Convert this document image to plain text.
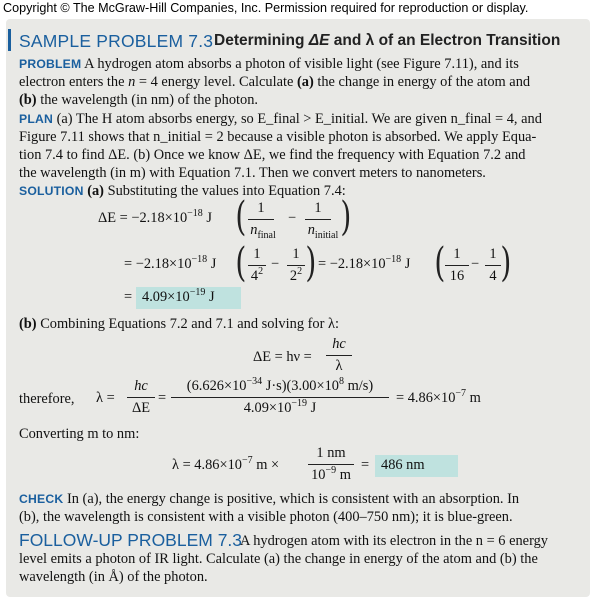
Copyright © The McGraw-Hill Companies, Inc. Permission required for reproduction or display.
SAMPLE PROBLEM 7.3 Determining ΔE and λ of an Electron Transition
PROBLEM A hydrogen atom absorbs a photon of visible light (see Figure 7.11), and its
electron enters the n = 4 energy level. Calculate (a) the change in energy of the atom and
(b) the wavelength (in nm) of the photon.
PLAN (a) The H atom absorbs energy, so E_final > E_initial. We are given n_final = 4, and
Figure 7.11 shows that n_initial = 2 because a visible photon is absorbed. We apply Equa-
tion 7.4 to find ΔE. (b) Once we know ΔE, we find the frequency with Equation 7.2 and
the wavelength (in m) with Equation 7.1. Then we convert meters to nanometers.
SOLUTION (a) Substituting the values into Equation 7.4:
$\Delta E = -2.18\times 10^{-18}$ J ( 1
$n_{final}$
−
1
$n_{initial}$ )
= $-2.18\times 10^{-18}$ J ( 1
$4^2$ −
1
$2^2$ ) = $-2.18\times 10^{-18}$ J ( 1
16
−
1
4 )
= $4.09\times 10^{-19}$ J
(b) Combining Equations 7.2 and 7.1 and solving for λ:
ΔE = hν =
hc
λ
therefore, λ =
hc
ΔE
=
($6.626\times 10^{-34}$ $J\cdot s)(3.00\times 10^8$ m/s)
$4.09\times 10^{-19}$ J
= $4.86\times 10^{-7}$ m
Converting m to nm:
$\lambda = 4.86\times 10^{-7}$ m ×
1 nm
$10^{-9}$ m
= 486 nm
CHECK In (a), the energy change is positive, which is consistent with an absorption. In
(b), the wavelength is consistent with a visible photon (400–750 nm); it is blue-green.
FOLLOW-UP PROBLEM 7.3
A hydrogen atom with its electron in the n = 6 energy
level emits a photon of IR light. Calculate (a) the change in energy of the atom and (b) the
wavelength (in Å) of the photon.
